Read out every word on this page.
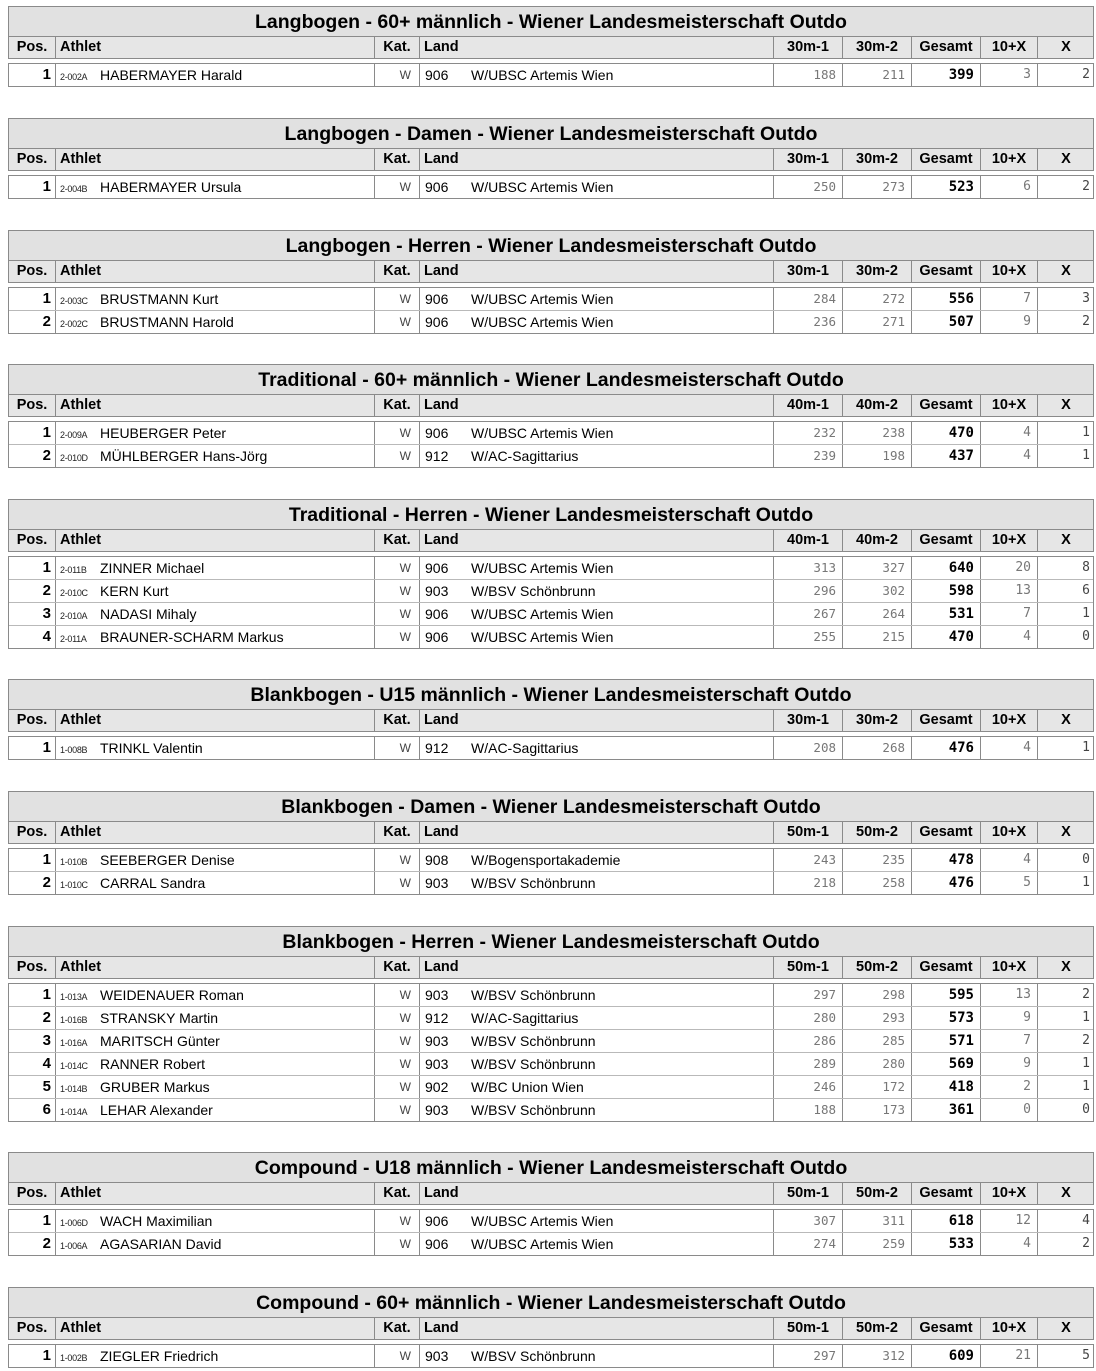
Langbogen - 60+ männlich - Wiener Landesmeisterschaft Outdo
Pos. Athlet	Kat. Land	30m-1	30m-2	Gesamt	10+X	X
1	2-002A HABERMAYER Harald	W	906 W/UBSC Artemis Wien	188	211	399	3	2
Langbogen - Damen - Wiener Landesmeisterschaft Outdo
Pos. Athlet	Kat. Land	30m-1	30m-2	Gesamt	10+X	X
1	2-004B HABERMAYER Ursula	W	906 W/UBSC Artemis Wien	250	273	523	6	2
Langbogen - Herren - Wiener Landesmeisterschaft Outdo
Pos. Athlet	Kat. Land	30m-1	30m-2	Gesamt	10+X	X
1	2-003C BRUSTMANN Kurt	W	906 W/UBSC Artemis Wien	284	272	556	7	3
2	2-002C BRUSTMANN Harold	W	906 W/UBSC Artemis Wien	236	271	507	9	2
Traditional - 60+ männlich - Wiener Landesmeisterschaft Outdo
Pos. Athlet	Kat. Land	40m-1	40m-2	Gesamt	10+X	X
1	2-009A HEUBERGER Peter	W	906 W/UBSC Artemis Wien	232	238	470	4	1
2	2-010D MÜHLBERGER Hans-Jörg	W	912 W/AC-Sagittarius	239	198	437	4	1
Traditional - Herren - Wiener Landesmeisterschaft Outdo
Pos. Athlet	Kat. Land	40m-1	40m-2	Gesamt	10+X	X
1	2-011B ZINNER Michael	W	906 W/UBSC Artemis Wien	313	327	640	20	8
2	2-010C KERN Kurt	W	903 W/BSV Schönbrunn	296	302	598	13	6
3	2-010A NADASI Mihaly	W	906 W/UBSC Artemis Wien	267	264	531	7	1
4	2-011A BRAUNER-SCHARM Markus	W	906 W/UBSC Artemis Wien	255	215	470	4	0
Blankbogen - U15 männlich - Wiener Landesmeisterschaft Outdo
Pos. Athlet	Kat. Land	30m-1	30m-2	Gesamt	10+X	X
1	1-008B TRINKL Valentin	W	912 W/AC-Sagittarius	208	268	476	4	1
Blankbogen - Damen - Wiener Landesmeisterschaft Outdo
Pos. Athlet	Kat. Land	50m-1	50m-2	Gesamt	10+X	X
1	1-010B SEEBERGER Denise	W	908 W/Bogensportakademie	243	235	478	4	0
2	1-010C CARRAL Sandra	W	903 W/BSV Schönbrunn	218	258	476	5	1
Blankbogen - Herren - Wiener Landesmeisterschaft Outdo
Pos. Athlet	Kat. Land	50m-1	50m-2	Gesamt	10+X	X
1	1-013A WEIDENAUER Roman	W	903 W/BSV Schönbrunn	297	298	595	13	2
2	1-016B STRANSKY Martin	W	912 W/AC-Sagittarius	280	293	573	9	1
3	1-016A MARITSCH Günter	W	903 W/BSV Schönbrunn	286	285	571	7	2
4	1-014C RANNER Robert	W	903 W/BSV Schönbrunn	289	280	569	9	1
5	1-014B GRUBER Markus	W	902 W/BC Union Wien	246	172	418	2	1
6	1-014A LEHAR Alexander	W	903 W/BSV Schönbrunn	188	173	361	0	0
Compound - U18 männlich - Wiener Landesmeisterschaft Outdo
Pos. Athlet	Kat. Land	50m-1	50m-2	Gesamt	10+X	X
1	1-006D WACH Maximilian	W	906 W/UBSC Artemis Wien	307	311	618	12	4
2	1-006A AGASARIAN David	W	906 W/UBSC Artemis Wien	274	259	533	4	2
Compound - 60+ männlich - Wiener Landesmeisterschaft Outdo
Pos. Athlet	Kat. Land	50m-1	50m-2	Gesamt	10+X	X
1	1-002B ZIEGLER Friedrich	W	903 W/BSV Schönbrunn	297	312	609	21	5
